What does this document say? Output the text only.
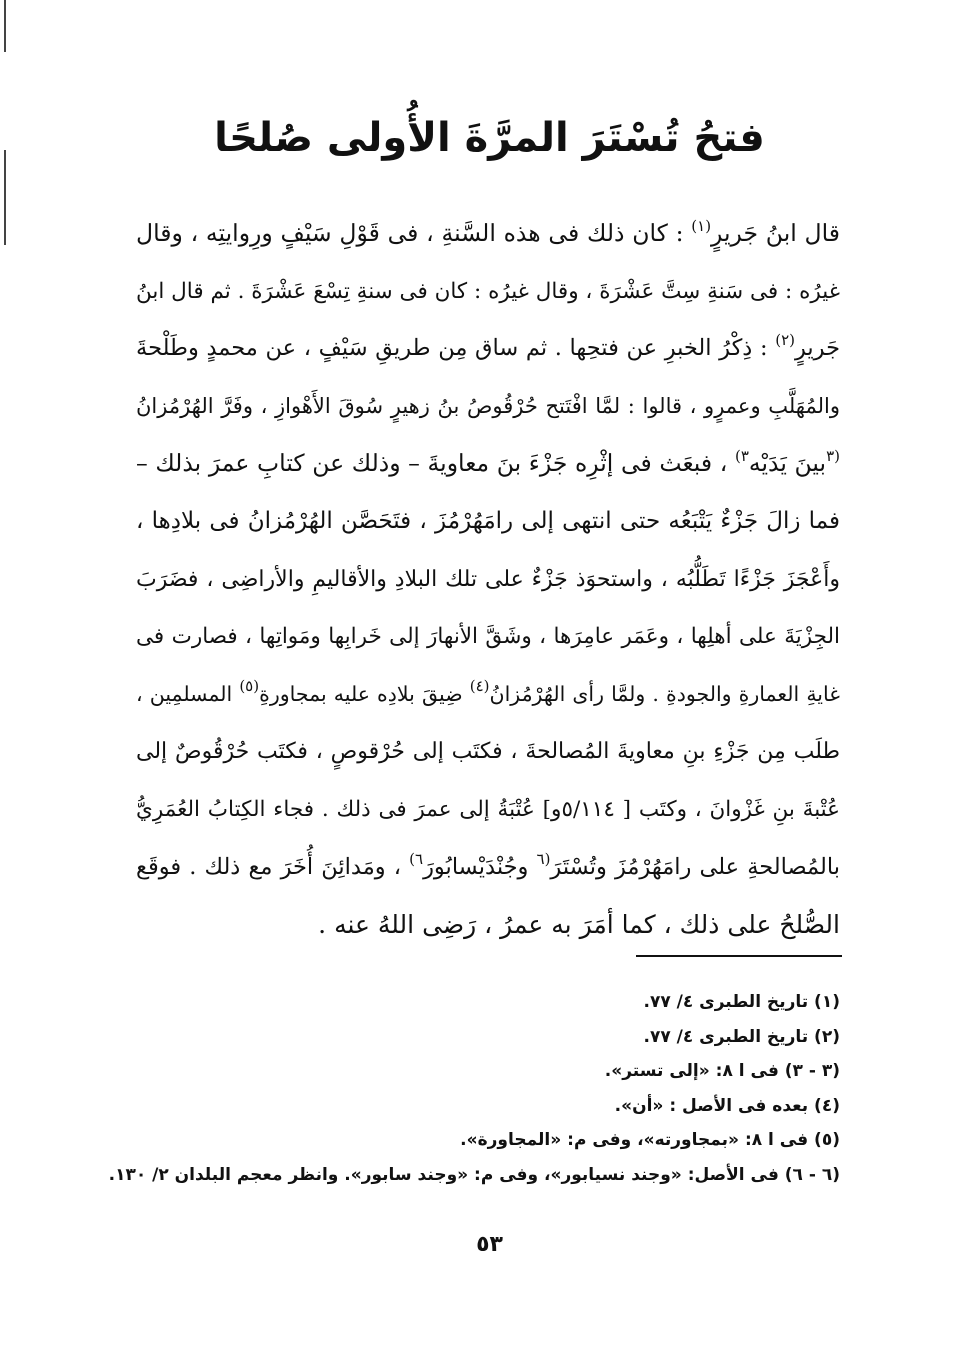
فتحُ تُسْتَرَ المرَّةَ الأُولى صُلحًا
قال ابنُ جَريرٍ$^{(١)}$ : كان ذلك فى هذه السَّنةِ ، فى قَوْلِ سَيْفٍ ورِوايتِه ، وقال
غيرُه : فى سَنةِ سِتَّ عَشْرَةَ ، وقال غيرُه : كان فى سنةِ تِسْعَ عَشْرَةَ . ثم قال ابنُ
جَريرٍ$^{(٢)}$ : ذِكْرُ الخبرِ عن فتحِها . ثم ساق مِن طريقِ سَيْفٍ ، عن محمدٍ وطَلْحةَ
والمُهَلَّبِ وعمرٍو ، قالوا : لمَّا افْتَتح حُرْقُوصُ بنُ زهيرٍ سُوقَ الأَهْوازِ ، وفَرَّ الهُرْمُزانُ
$^{(٣}$بينَ يَدَيْه$^{٣)}$ ، فبعَث فى إثْرِه جَزْءَ بنَ معاويةَ – وذلك عن كتابِ عمرَ بذلك –
فما زالَ جَزْءٌ يَتْبَعُه حتى انتهى إلى رامَهُرْمُزَ ، فتَحَصَّن الهُرْمُزانُ فى بلادِها ،
وأَعْجَزَ جَزْءًا تَطَلُّبُه ، واستحوَذ جَزْءٌ على تلك البلادِ والأقاليمِ والأراضِى ، فضَرَبَ
الجِزْيَةَ على أهلِها ، وعَمَر عامِرَها ، وشَقَّ الأنهارَ إلى خَرابِها ومَواتِها ، فصارت فى
غايةِ العمارةِ والجودةِ . ولمَّا رأى الهُرْمُزانُ$^{(٤)}$ ضِيقَ بلادِه عليه بمجاورةِ$^{(٥)}$ المسلمِين ،
طلَب مِن جَزْءِ بنِ معاويةَ المُصالحةَ ، فكتَب إلى حُرْقوصٍ ، فكتَب حُرْقُوصٌ إلى
عُتْبةَ بنِ غَزْوانَ ، وكتَب [ ٥/١١٤و] عُتْبَةُ إلى عمرَ فى ذلك . فجاء الكِتابُ العُمَرِيُّ
بالمُصالحةِ على رامَهُرْمُزَ وتُسْتَرَ$^{(٦}$ وجُنْدَيْسابُورَ$^{٦)}$ ، ومَدائِنَ أُخَرَ مع ذلك . فوقَع
الصُّلحُ على ذلك ، كما أمَرَ به عمرُ ، رَضِى اللهُ عنه .
(١) تاريخ الطبرى ٤/ ٧٧.
(٢) تاريخ الطبرى ٤/ ٧٧.
(٣ - ٣) فى ا ٨: «إلى تستر».
(٤) بعده فى الأصل : «أن».
(٥) فى ا ٨: «بمجاورته»، وفى م: «المجاورة».
(٦ - ٦) فى الأصل: «وجند نسيابور»، وفى م: «وجند سابور». وانظر معجم البلدان ٢/ ١٣٠.
٥٣
